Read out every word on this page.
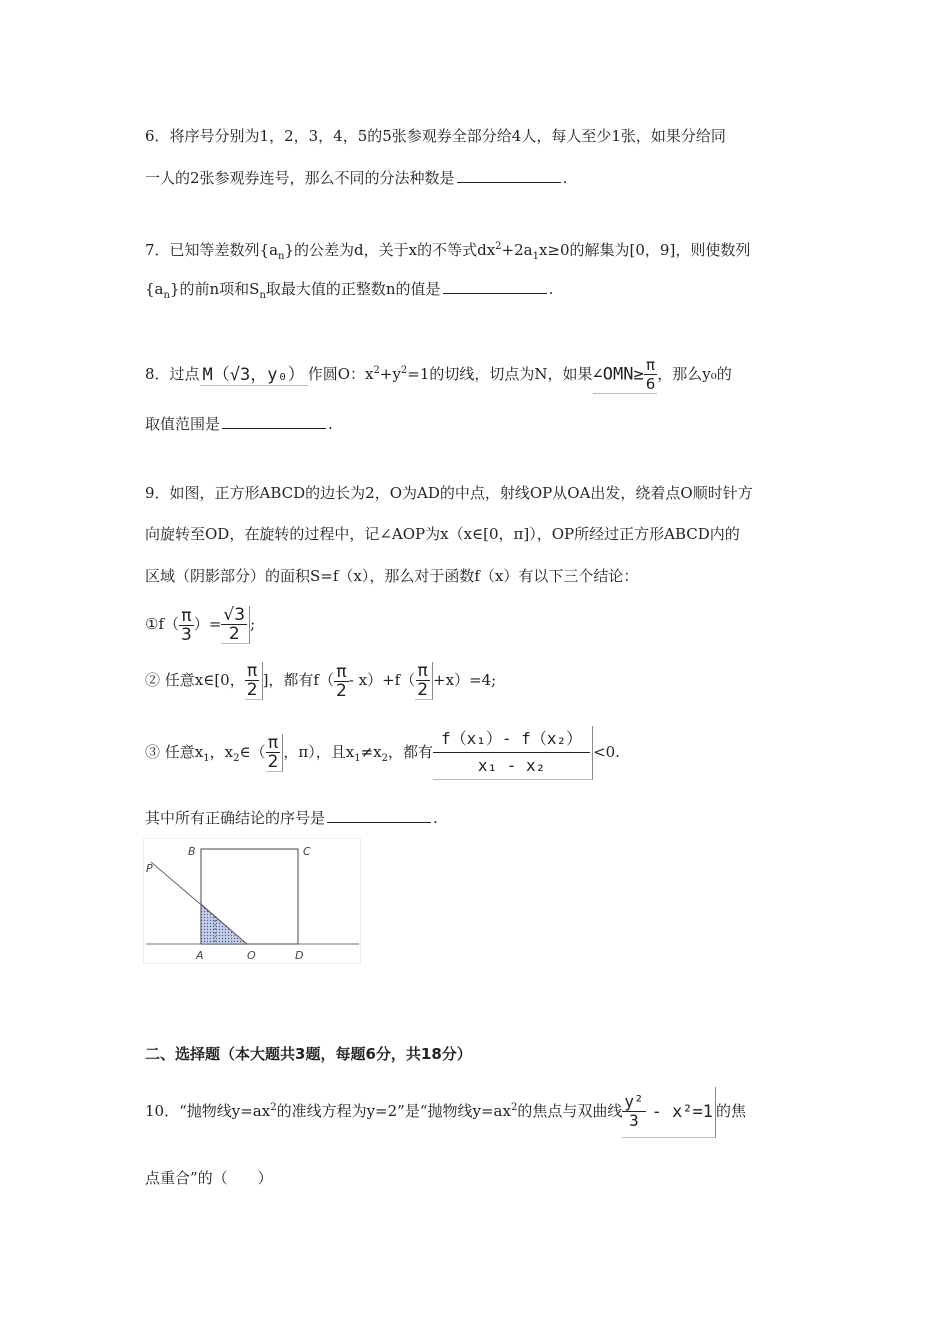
6．将序号分别为1，2，3，4，5的5张参观券全部分给4人，每人至少1张，如果分给同
一人的2张参观券连号，那么不同的分法种数是	.
7．已知等差数列$\{a_n\}$的公差为d，关于x的不等式$dx^2+2a_1x\ge 0$的解集为[0，9]，则使数列
$\{a_n\}$的前n项和$S_n$取最大值的正整数n的值是	.
8．过点 M（√3，y₀） 作圆O：$x^2+y^2=1$的切线，切点为N，如果∠OMN≥ $\frac{\pi}{6}$ ，那么y₀的
取值范围是	.
9．如图，正方形ABCD的边长为2，O为AD的中点，射线OP从OA出发，绕着点O顺时针方
向旋转至OD，在旋转的过程中，记∠AOP为x（x∈[0，π]），OP所经过正方形ABCD内的
区域（阴影部分）的面积S=f（x），那么对于函数f（x）有以下三个结论：
①f（ $\frac{\pi}{3}$ ）= $\frac{√3}{2}$ ;
② 任意x∈[0， $\frac{\pi}{2}$ ]，都有$f( \frac{\pi}{2} - x)+f( \frac{\pi}{2} +x)=4$;
③ 任意$x_1$，$x_2\in( \frac{\pi}{2}$ ，π），且$x_1\ne x_2$，都有 $\frac{\text{f（x₁）- f（x₂）}}{\text{x₁ - x₂}} <0$.
其中所有正确结论的序号是	.
P
B	C
A	O	D
二、选择题（本大题共3题，每题6分，共18分）
10．“抛物线$y=ax^2$的准线方程为y=2”是“抛物线$y=ax^2$的焦点与双曲线 $\frac{\text{y²}}{3} - x^2=1$ 的焦
点重合”的（　　）
